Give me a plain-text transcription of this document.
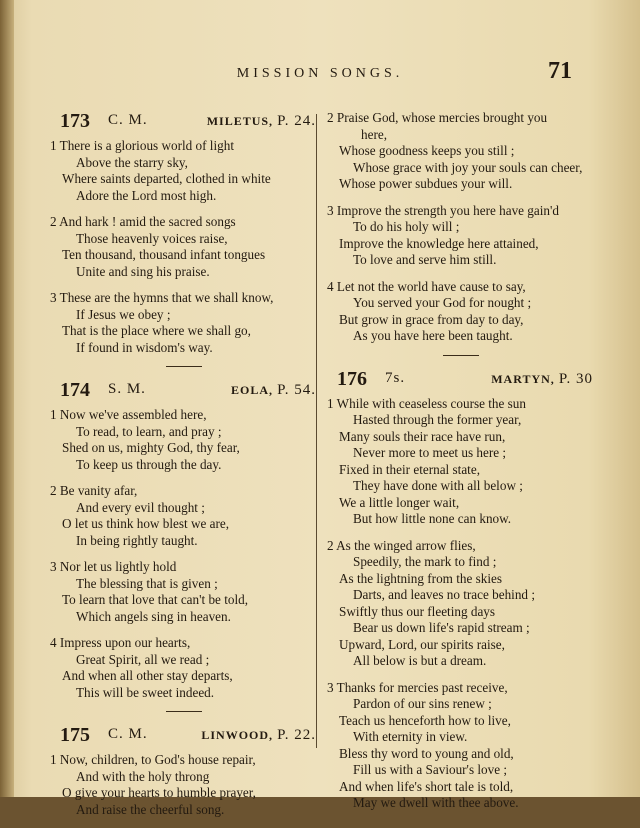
MISSION SONGS.	71
173 C. M.	MILETUS, P. 24.
1 There is a glorious world of light
Above the starry sky,
Where saints departed, clothed in white
Adore the Lord most high.
2 And hark ! amid the sacred songs
Those heavenly voices raise,
Ten thousand, thousand infant tongues
Unite and sing his praise.
3 These are the hymns that we shall know,
If Jesus we obey ;
That is the place where we shall go,
If found in wisdom's way.
174 S. M.	EOLA, P. 54.
1 Now we've assembled here,
To read, to learn, and pray ;
Shed on us, mighty God, thy fear,
To keep us through the day.
2 Be vanity afar,
And every evil thought ;
O let us think how blest we are,
In being rightly taught.
3 Nor let us lightly hold
The blessing that is given ;
To learn that love that can't be told,
Which angels sing in heaven.
4 Impress upon our hearts,
Great Spirit, all we read ;
And when all other stay departs,
This will be sweet indeed.
175 C. M.	LINWOOD, P. 22.
1 Now, children, to God's house repair,
And with the holy throng
O give your hearts to humble prayer,
And raise the cheerful song.
2 Praise God, whose mercies brought you
here,
Whose goodness keeps you still ;
Whose grace with joy your souls can cheer,
Whose power subdues your will.
3 Improve the strength you here have gain'd
To do his holy will ;
Improve the knowledge here attained,
To love and serve him still.
4 Let not the world have cause to say,
You served your God for nought ;
But grow in grace from day to day,
As you have here been taught.
176 7s.	MARTYN, P. 30
1 While with ceaseless course the sun
Hasted through the former year,
Many souls their race have run,
Never more to meet us here ;
Fixed in their eternal state,
They have done with all below ;
We a little longer wait,
But how little none can know.
2 As the winged arrow flies,
Speedily, the mark to find ;
As the lightning from the skies
Darts, and leaves no trace behind ;
Swiftly thus our fleeting days
Bear us down life's rapid stream ;
Upward, Lord, our spirits raise,
All below is but a dream.
3 Thanks for mercies past receive,
Pardon of our sins renew ;
Teach us henceforth how to live,
With eternity in view.
Bless thy word to young and old,
Fill us with a Saviour's love ;
And when life's short tale is told,
May we dwell with thee above.
